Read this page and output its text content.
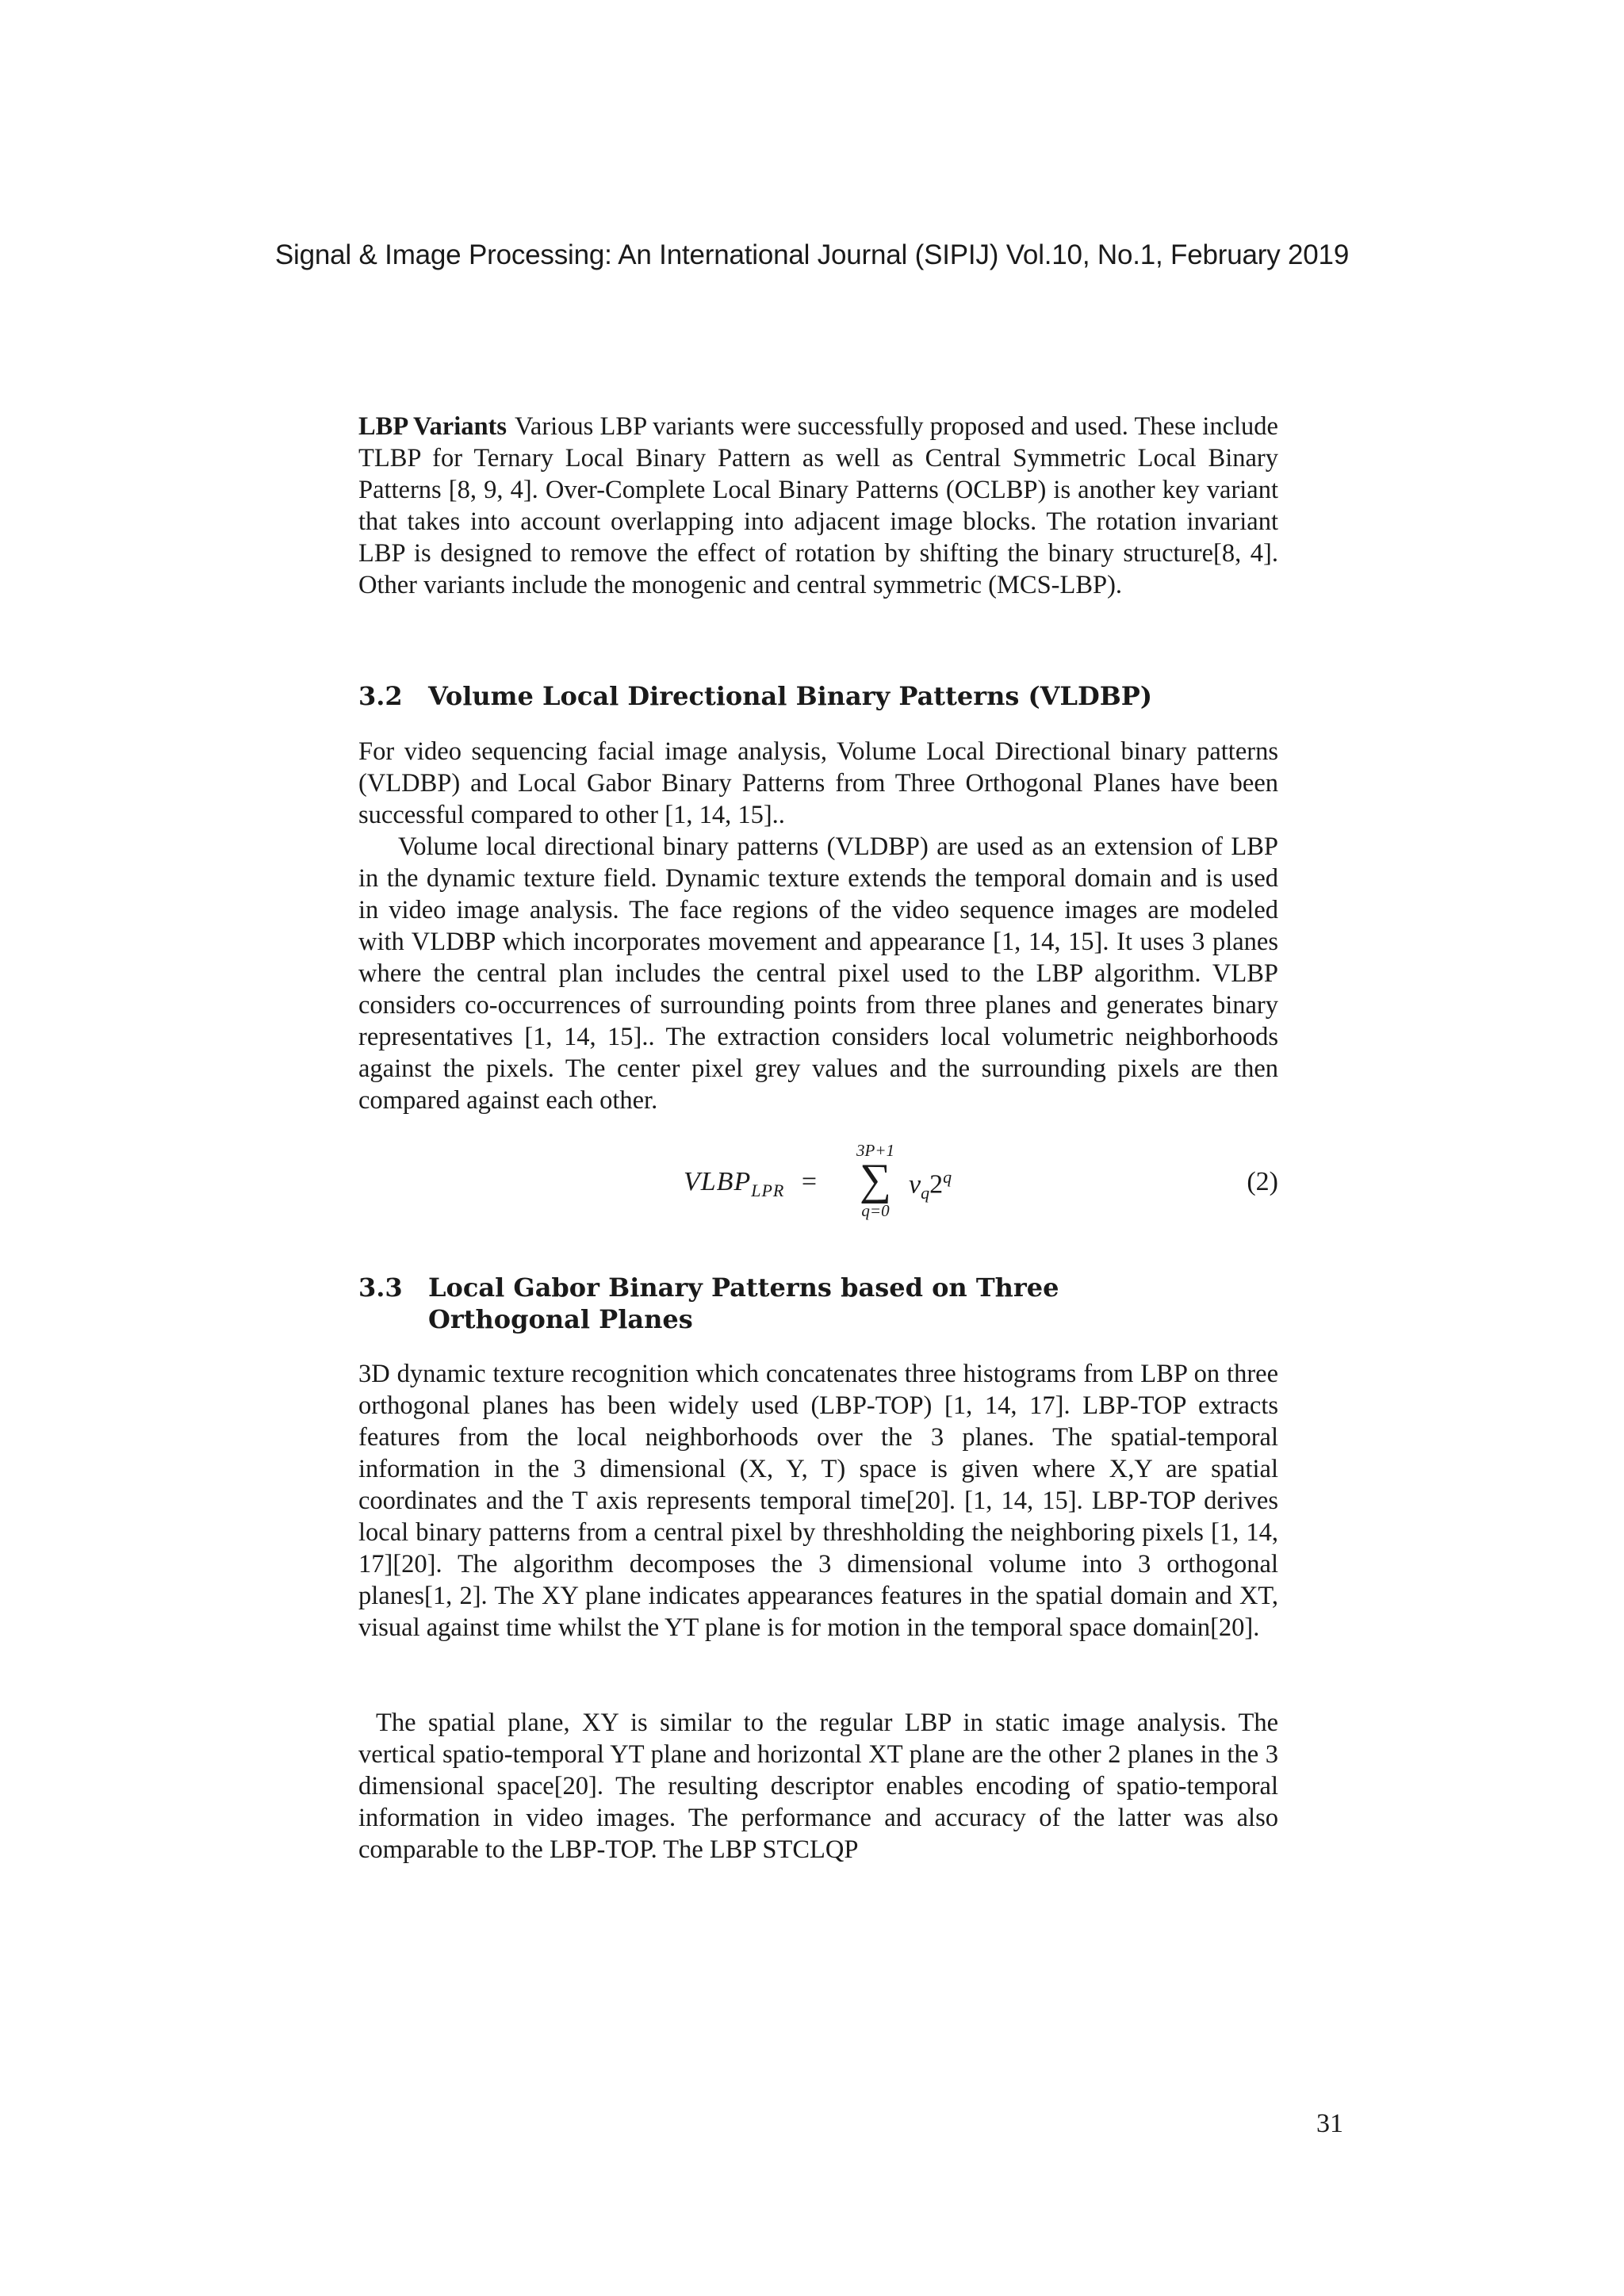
Signal & Image Processing: An International Journal (SIPIJ) Vol.10, No.1, February 2019

LBP Variants Various LBP variants were successfully proposed and used. These include TLBP for Ternary Local Binary Pattern as well as Central Symmetric Local Binary Patterns [8, 9, 4]. Over-Complete Local Binary Patterns (OCLBP) is another key variant that takes into account overlapping into adjacent image blocks. The rotation invariant LBP is designed to remove the effect of rotation by shifting the binary structure[8, 4]. Other variants include the monogenic and central symmetric (MCS-LBP).

3.2	Volume Local Directional Binary Patterns (VLDBP)

For video sequencing facial image analysis, Volume Local Directional binary patterns (VLDBP) and Local Gabor Binary Patterns from Three Orthogonal Planes have been successful compared to other [1, 14, 15]..

Volume local directional binary patterns (VLDBP) are used as an extension of LBP in the dynamic texture field. Dynamic texture extends the temporal domain and is used in video image analysis. The face regions of the video sequence images are modeled with VLDBP which incorporates movement and appearance [1, 14, 15]. It uses 3 planes where the central plan includes the central pixel used to the LBP algorithm. VLBP considers co-occurrences of surrounding points from three planes and generates binary representatives [1, 14, 15].. The extraction considers local volumetric neighborhoods against the pixels. The center pixel grey values and the surrounding pixels are then compared against each other.

$VLBP_{LPR}$ =
3P+1
∑
q=0
$v_q2^q$	(2)
3.3	Local Gabor Binary Patterns based on Three Orthogonal Planes

3D dynamic texture recognition which concatenates three histograms from LBP on three orthogonal planes has been widely used (LBP-TOP) [1, 14, 17]. LBP-TOP extracts features from the local neighborhoods over the 3 planes. The spatial-temporal information in the 3 dimensional (X, Y, T) space is given where X,Y are spatial coordinates and the T axis represents temporal time[20]. [1, 14, 15]. LBP-TOP derives local binary patterns from a central pixel by threshholding the neighboring pixels [1, 14, 17][20]. The algorithm decomposes the 3 dimensional volume into 3 orthogonal planes[1, 2]. The XY plane indicates appearances features in the spatial domain and XT, visual against time whilst the YT plane is for motion in the temporal space domain[20].

The spatial plane, XY is similar to the regular LBP in static image analysis. The vertical spatio-temporal YT plane and horizontal XT plane are the other 2 planes in the 3 dimensional space[20]. The resulting descriptor enables encoding of spatio-temporal information in video images. The performance and accuracy of the latter was also comparable to the LBP-TOP. The LBP STCLQP

31
